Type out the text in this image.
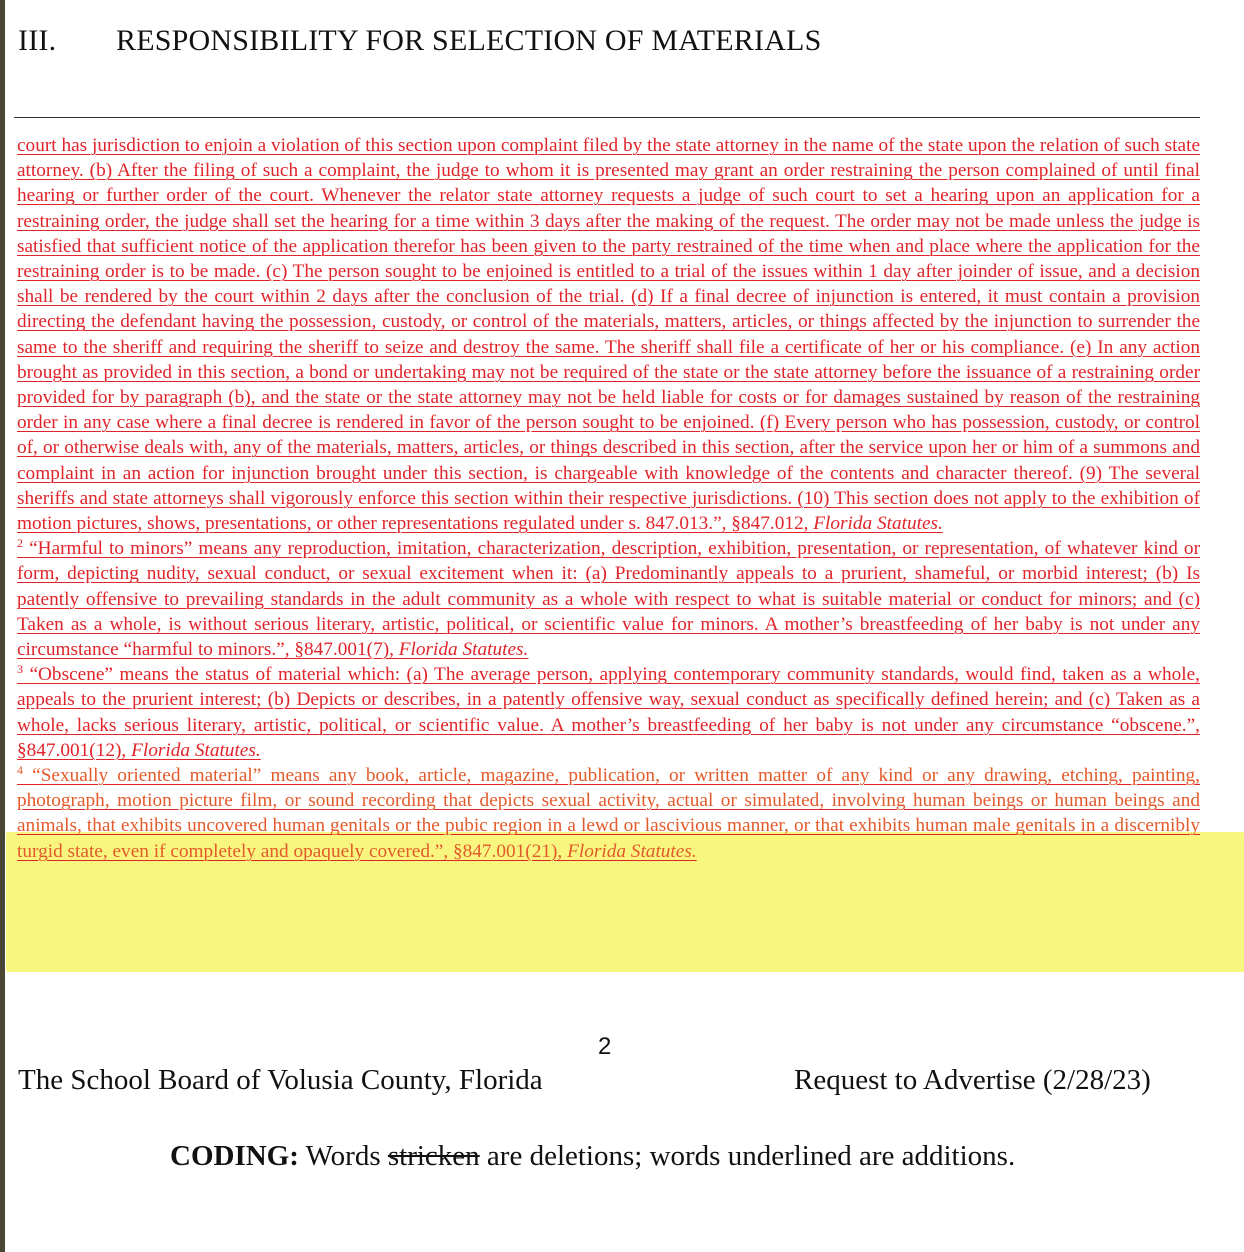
III. RESPONSIBILITY FOR SELECTION OF MATERIALS

court has jurisdiction to enjoin a violation of this section upon complaint filed by the state attorney in the name of the state upon the relation of such state attorney. (b) After the filing of such a complaint, the judge to whom it is presented may grant an order restraining the person complained of until final hearing or further order of the court. Whenever the relator state attorney requests a judge of such court to set a hearing upon an application for a restraining order, the judge shall set the hearing for a time within 3 days after the making of the request. The order may not be made unless the judge is satisfied that sufficient notice of the application therefor has been given to the party restrained of the time when and place where the application for the restraining order is to be made. (c) The person sought to be enjoined is entitled to a trial of the issues within 1 day after joinder of issue, and a decision shall be rendered by the court within 2 days after the conclusion of the trial. (d) If a final decree of injunction is entered, it must contain a provision directing the defendant having the possession, custody, or control of the materials, matters, articles, or things affected by the injunction to surrender the same to the sheriff and requiring the sheriff to seize and destroy the same. The sheriff shall file a certificate of her or his compliance. (e) In any action brought as provided in this section, a bond or undertaking may not be required of the state or the state attorney before the issuance of a restraining order provided for by paragraph (b), and the state or the state attorney may not be held liable for costs or for damages sustained by reason of the restraining order in any case where a final decree is rendered in favor of the person sought to be enjoined. (f) Every person who has possession, custody, or control of, or otherwise deals with, any of the materials, matters, articles, or things described in this section, after the service upon her or him of a summons and complaint in an action for injunction brought under this section, is chargeable with knowledge of the contents and character thereof. (9) The several sheriffs and state attorneys shall vigorously enforce this section within their respective jurisdictions. (10) This section does not apply to the exhibition of motion pictures, shows, presentations, or other representations regulated under s. 847.013.”, §847.012, Florida Statutes.

$^2$ “Harmful to minors” means any reproduction, imitation, characterization, description, exhibition, presentation, or representation, of whatever kind or form, depicting nudity, sexual conduct, or sexual excitement when it: (a) Predominantly appeals to a prurient, shameful, or morbid interest; (b) Is patently offensive to prevailing standards in the adult community as a whole with respect to what is suitable material or conduct for minors; and (c) Taken as a whole, is without serious literary, artistic, political, or scientific value for minors. A mother’s breastfeeding of her baby is not under any circumstance “harmful to minors.”, §847.001(7), Florida Statutes.

$^3$ “Obscene” means the status of material which: (a) The average person, applying contemporary community standards, would find, taken as a whole, appeals to the prurient interest; (b) Depicts or describes, in a patently offensive way, sexual conduct as specifically defined herein; and (c) Taken as a whole, lacks serious literary, artistic, political, or scientific value. A mother’s breastfeeding of her baby is not under any circumstance “obscene.”, §847.001(12), Florida Statutes.

$^4$ “Sexually oriented material” means any book, article, magazine, publication, or written matter of any kind or any drawing, etching, painting, photograph, motion picture film, or sound recording that depicts sexual activity, actual or simulated, involving human beings or human beings and animals, that exhibits uncovered human genitals or the pubic region in a lewd or lascivious manner, or that exhibits human male genitals in a discernibly turgid state, even if completely and opaquely covered.”, §847.001(21), Florida Statutes.

2
The School Board of Volusia County, Florida	Request to Advertise (2/28/23)
CODING: Words stricken are deletions; words underlined are additions.
